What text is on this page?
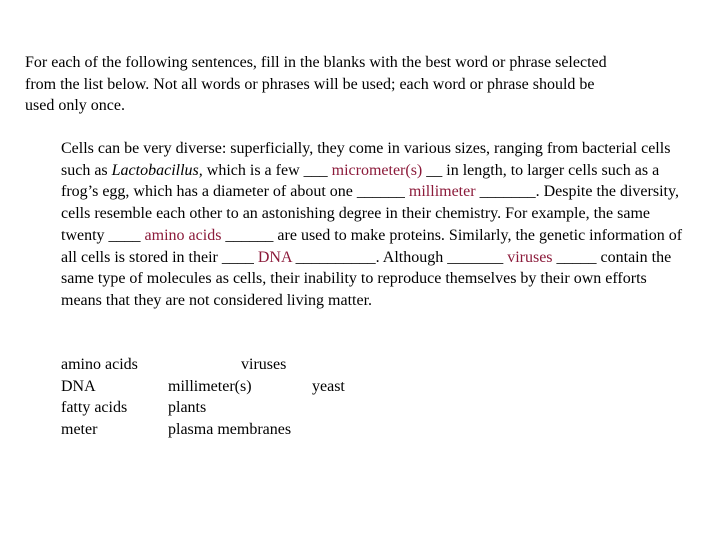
For each of the following sentences, fill in the blanks with the best word or phrase selected
from the list below. Not all words or phrases will be used; each word or phrase should be
used only once.

Cells can be very diverse: superficially, they come in various sizes, ranging from bacterial cells such as Lactobacillus, which is a few ___ micrometer(s) __ in length, to larger cells such as a frog’s egg, which has a diameter of about one ______ millimeter _______. Despite the diversity, cells resemble each other to an astonishing degree in their chemistry. For example, the same twenty ____ amino acids ______ are used to make proteins. Similarly, the genetic information of all cells is stored in their ____ DNA __________. Although _______ viruses _____ contain the same type of molecules as cells, their inability to reproduce themselves by their own efforts means that they are not considered living matter.

amino acids
DNA
fatty acids
meter
viruses
millimeter(s)
plants
plasma membranes
yeast
